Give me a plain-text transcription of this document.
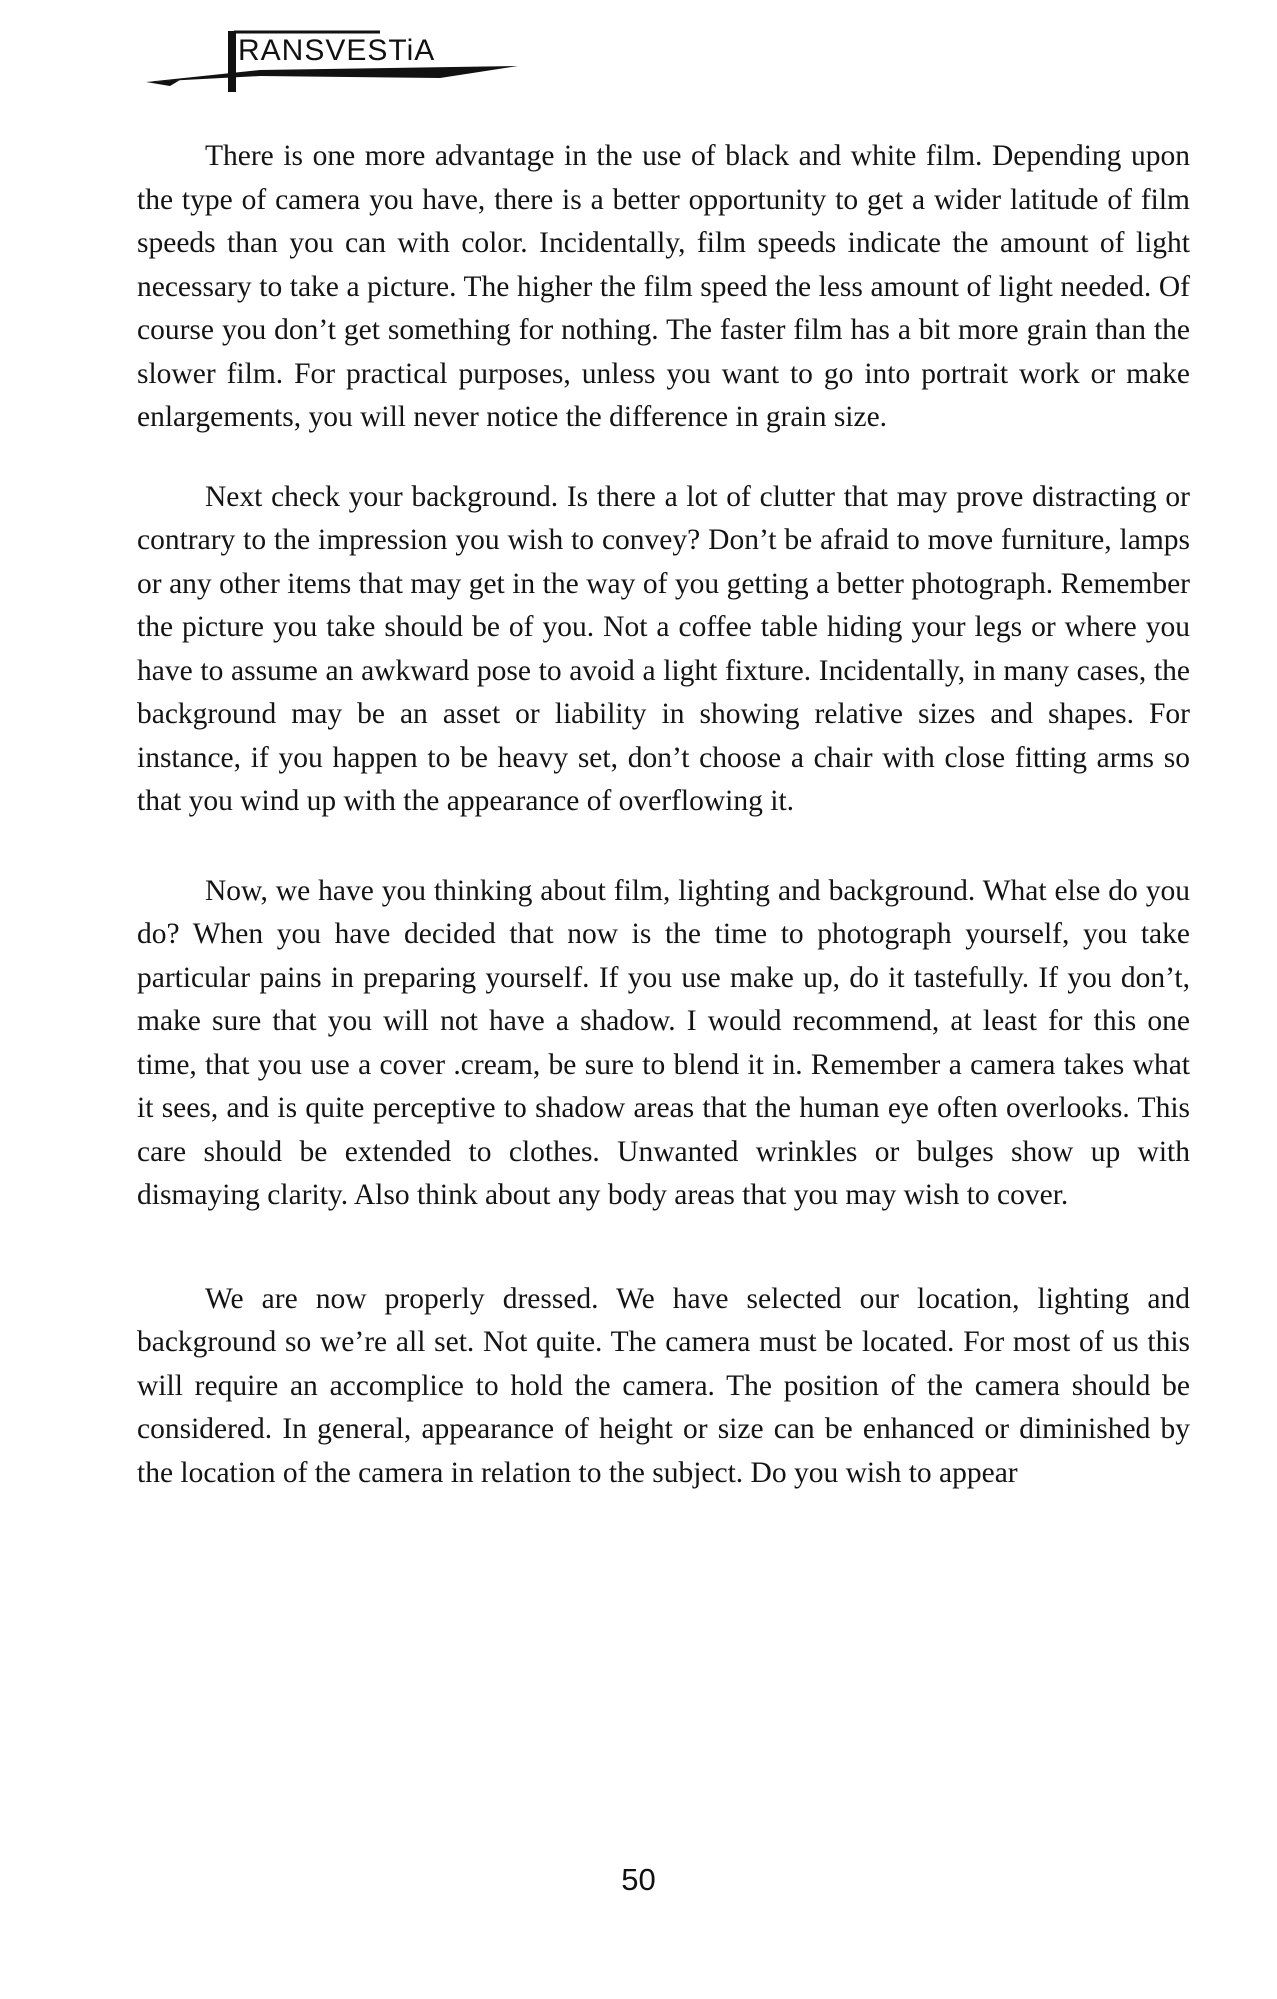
RANSVESTiA

There is one more advantage in the use of black and white film. Depending upon the type of camera you have, there is a better opportunity to get a wider latitude of film speeds than you can with color. Incidentally, film speeds indicate the amount of light necessary to take a picture. The higher the film speed the less amount of light needed. Of course you don’t get something for nothing. The faster film has a bit more grain than the slower film. For practical purposes, unless you want to go into portrait work or make enlargements, you will never notice the difference in grain size.

Next check your background. Is there a lot of clutter that may prove distracting or contrary to the impression you wish to convey? Don’t be afraid to move furniture, lamps or any other items that may get in the way of you getting a better photograph. Remember the picture you take should be of you. Not a coffee table hiding your legs or where you have to assume an awkward pose to avoid a light fixture. Incidentally, in many cases, the background may be an asset or liability in showing relative sizes and shapes. For instance, if you happen to be heavy set, don’t choose a chair with close fitting arms so that you wind up with the appearance of overflowing it.

Now, we have you thinking about film, lighting and background. What else do you do? When you have decided that now is the time to photograph yourself, you take particular pains in preparing yourself. If you use make up, do it tastefully. If you don’t, make sure that you will not have a shadow. I would recommend, at least for this one time, that you use a cover .cream, be sure to blend it in. Remember a camera takes what it sees, and is quite perceptive to shadow areas that the human eye often overlooks. This care should be extended to clothes. Unwanted wrinkles or bulges show up with dismaying clarity. Also think about any body areas that you may wish to cover.

We are now properly dressed. We have selected our location, lighting and background so we’re all set. Not quite. The camera must be located. For most of us this will require an accomplice to hold the camera. The position of the camera should be considered. In general, appearance of height or size can be enhanced or diminished by the location of the camera in relation to the subject. Do you wish to appear

50
